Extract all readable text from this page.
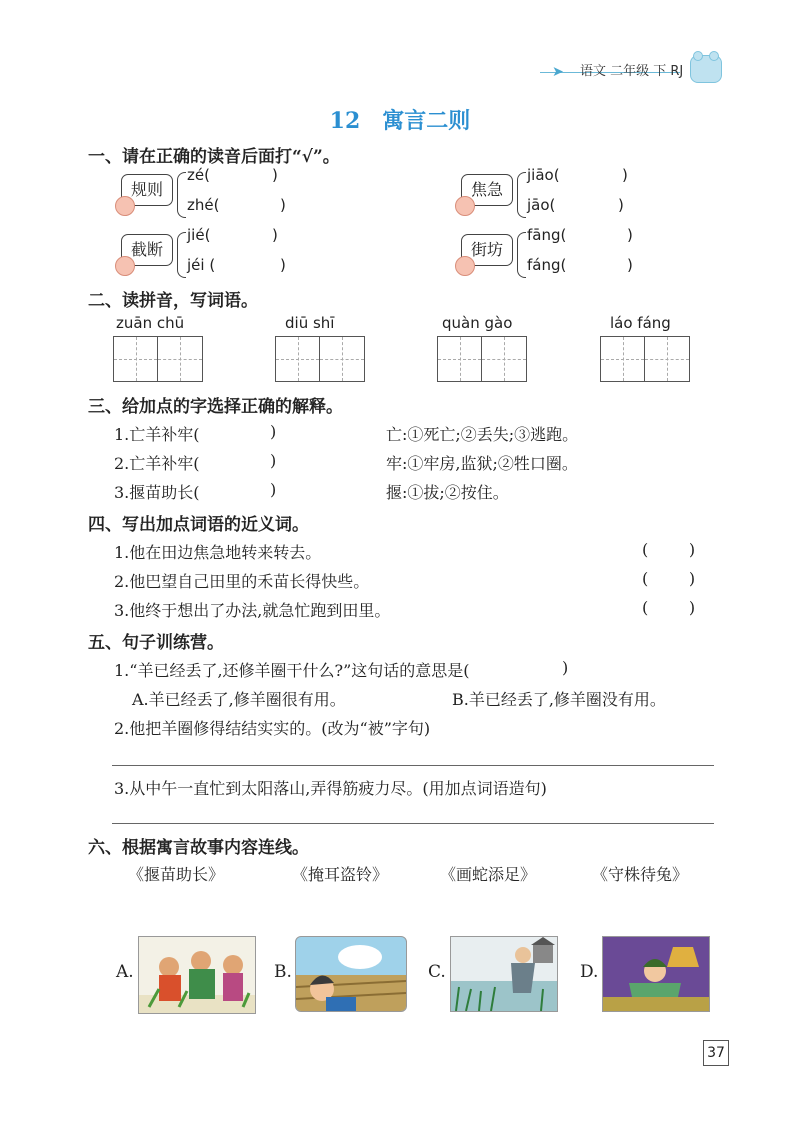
➤ 语文 二年级 下 RJ
12 寓言二则
一、请在正确的读音后面打“√”。
规则
zé(	)
zhé(	)
焦急
jiāo(	)
jāo(	)
截断
jié(	)
jéi (	)
街坊
fāng(	)
fáng(	)
二、读拼音，写词语。
zuān chū	diū shī	quàn gào	láo fáng
三、给加点的字选择正确的解释。
1.亡羊补牢(	)	亡:①死亡;②丢失;③逃跑。
2.亡羊补牢(	)	牢:①牢房,监狱;②牲口圈。
3.揠苗助长(	)	揠:①拔;②按住。
四、写出加点词语的近义词。
1.他在田边焦急地转来转去。	(        )
2.他巴望自己田里的禾苗长得快些。	(        )
3.他终于想出了办法,就急忙跑到田里。	(        )
五、句子训练营。
1.“羊已经丢了,还修羊圈干什么?”这句话的意思是(	)
A.羊已经丢了,修羊圈很有用。	B.羊已经丢了,修羊圈没有用。
2.他把羊圈修得结结实实的。(改为“被”字句)
3.从中午一直忙到太阳落山,弄得筋疲力尽。(用加点词语造句)
六、根据寓言故事内容连线。
《揠苗助长》	《掩耳盗铃》	《画蛇添足》	《守株待兔》
A.	B.	C.	D.
37
